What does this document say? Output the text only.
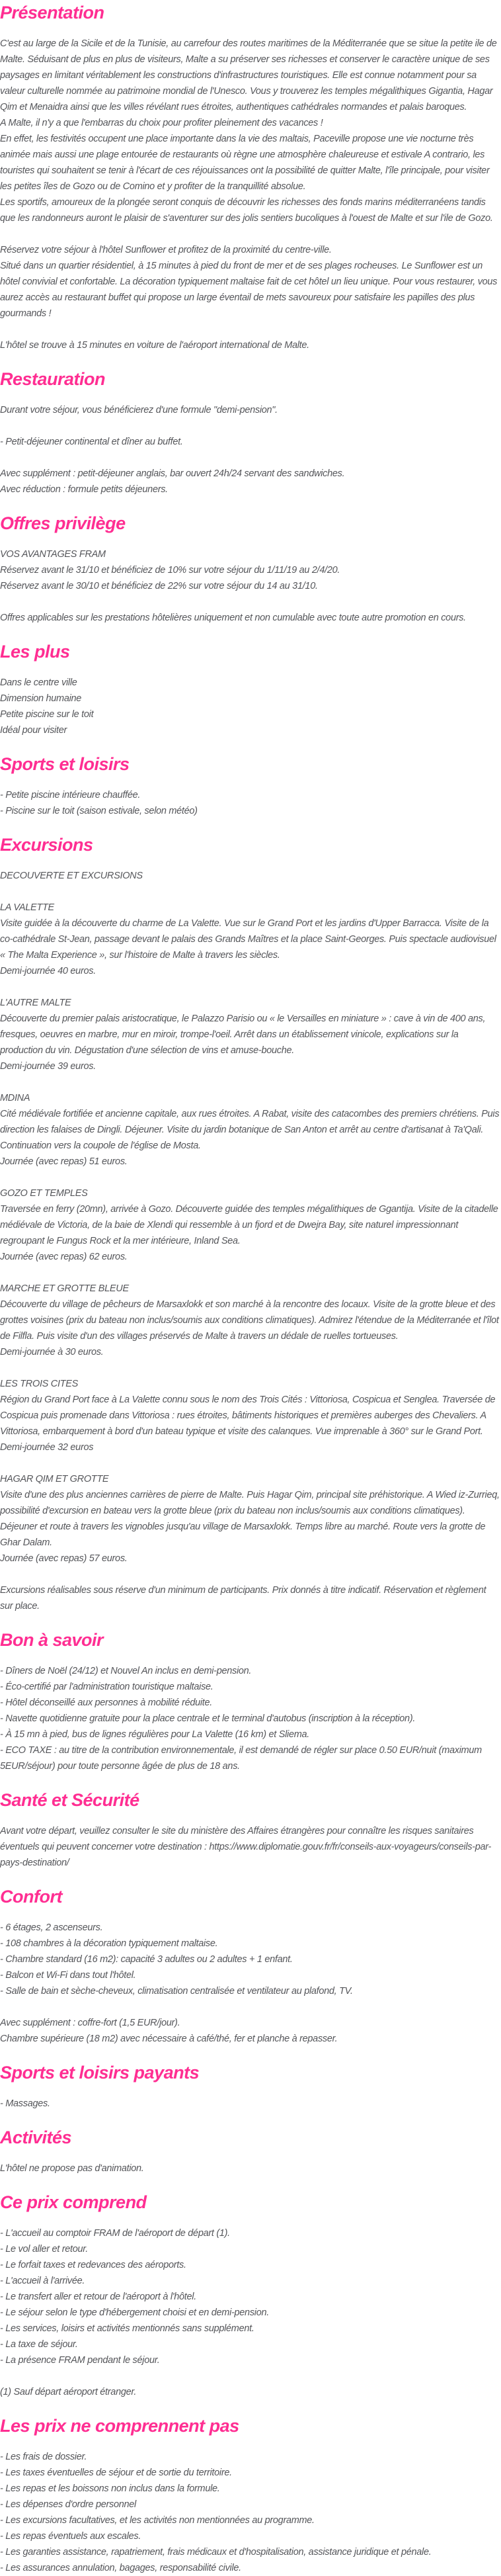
Présentation

C'est au large de la Sicile et de la Tunisie, au carrefour des routes maritimes de la Méditerranée que se situe la petite ile de Malte. Séduisant de plus en plus de visiteurs, Malte a su préserver ses richesses et conserver le caractère unique de ses paysages en limitant véritablement les constructions d'infrastructures touristiques. Elle est connue notamment pour sa valeur culturelle nommée au patrimoine mondial de l'Unesco. Vous y trouverez les temples mégalithiques Gigantia, Hagar Qim et Menaidra ainsi que les villes révélant rues étroites, authentiques cathédrales normandes et palais baroques.

A Malte, il n'y a que l'embarras du choix pour profiter pleinement des vacances !

En effet, les festivités occupent une place importante dans la vie des maltais, Paceville propose une vie nocturne très animée mais aussi une plage entourée de restaurants où règne une atmosphère chaleureuse et estivale A contrario, les touristes qui souhaitent se tenir à l'écart de ces réjouissances ont la possibilité de quitter Malte, l'île principale, pour visiter les petites îles de Gozo ou de Comino et y profiter de la tranquillité absolue.

Les sportifs, amoureux de la plongée seront conquis de découvrir les richesses des fonds marins méditerranéens tandis que les randonneurs auront le plaisir de s'aventurer sur des jolis sentiers bucoliques à l'ouest de Malte et sur l'ile de Gozo.

Réservez votre séjour à l'hôtel Sunflower et profitez de la proximité du centre-ville.

Situé dans un quartier résidentiel, à 15 minutes à pied du front de mer et de ses plages rocheuses. Le Sunflower est un hôtel convivial et confortable. La décoration typiquement maltaise fait de cet hôtel un lieu unique. Pour vous restaurer, vous aurez accès au restaurant buffet qui propose un large éventail de mets savoureux pour satisfaire les papilles des plus gourmands !

L'hôtel se trouve à 15 minutes en voiture de l'aéroport international de Malte.

Restauration

Durant votre séjour, vous bénéficierez d'une formule "demi-pension".

- Petit-déjeuner continental et dîner au buffet.

Avec supplément : petit-déjeuner anglais, bar ouvert 24h/24 servant des sandwiches.

Avec réduction : formule petits déjeuners.

Offres privilège

VOS AVANTAGES FRAM

Réservez avant le 31/10 et bénéficiez de 10% sur votre séjour du 1/11/19 au 2/4/20.

Réservez avant le 30/10 et bénéficiez de 22% sur votre séjour du 14 au 31/10.

Offres applicables sur les prestations hôtelières uniquement et non cumulable avec toute autre promotion en cours.

Les plus

Dans le centre ville

Dimension humaine

Petite piscine sur le toit

Idéal pour visiter

Sports et loisirs

- Petite piscine intérieure chauffée.

- Piscine sur le toit (saison estivale, selon météo)

Excursions

DECOUVERTE ET EXCURSIONS

LA VALETTE

Visite guidée à la découverte du charme de La Valette. Vue sur le Grand Port et les jardins d'Upper Barracca. Visite de la co-cathédrale St-Jean, passage devant le palais des Grands Maîtres et la place Saint-Georges. Puis spectacle audiovisuel « The Malta Experience », sur l'histoire de Malte à travers les siècles.

Demi-journée 40 euros.

L'AUTRE MALTE

Découverte du premier palais aristocratique, le Palazzo Parisio ou « le Versailles en miniature » : cave à vin de 400 ans, fresques, oeuvres en marbre, mur en miroir, trompe-l'oeil. Arrêt dans un établissement vinicole, explications sur la production du vin. Dégustation d'une sélection de vins et amuse-bouche.

Demi-journée 39 euros.

MDINA

Cité médiévale fortifiée et ancienne capitale, aux rues étroites. A Rabat, visite des catacombes des premiers chrétiens. Puis direction les falaises de Dingli. Déjeuner. Visite du jardin botanique de San Anton et arrêt au centre d'artisanat à Ta'Qali. Continuation vers la coupole de l'église de Mosta.

Journée (avec repas) 51 euros.

GOZO ET TEMPLES

Traversée en ferry (20mn), arrivée à Gozo. Découverte guidée des temples mégalithiques de Ggantija. Visite de la citadelle médiévale de Victoria, de la baie de Xlendi qui ressemble à un fjord et de Dwejra Bay, site naturel impressionnant regroupant le Fungus Rock et la mer intérieure, Inland Sea.

Journée (avec repas) 62 euros.

MARCHE ET GROTTE BLEUE

Découverte du village de pêcheurs de Marsaxlokk et son marché à la rencontre des locaux. Visite de la grotte bleue et des grottes voisines (prix du bateau non inclus/soumis aux conditions climatiques). Admirez l'étendue de la Méditerranée et l'îlot de Filfla. Puis visite d'un des villages préservés de Malte à travers un dédale de ruelles tortueuses.

Demi-journée à 30 euros.

LES TROIS CITES

Région du Grand Port face à La Valette connu sous le nom des Trois Cités : Vittoriosa, Cospicua et Senglea. Traversée de Cospicua puis promenade dans Vittoriosa : rues étroites, bâtiments historiques et premières auberges des Chevaliers. A Vittoriosa, embarquement à bord d'un bateau typique et visite des calanques. Vue imprenable à 360° sur le Grand Port.

Demi-journée 32 euros

HAGAR QIM ET GROTTE

Visite d'une des plus anciennes carrières de pierre de Malte. Puis Hagar Qim, principal site préhistorique. A Wied iz-Zurrieq, possibilité d'excursion en bateau vers la grotte bleue (prix du bateau non inclus/soumis aux conditions climatiques). Déjeuner et route à travers les vignobles jusqu'au village de Marsaxlokk. Temps libre au marché. Route vers la grotte de Ghar Dalam.

Journée (avec repas) 57 euros.

Excursions réalisables sous réserve d'un minimum de participants. Prix donnés à titre indicatif. Réservation et règlement sur place.

Bon à savoir

- Dîners de Noël (24/12) et Nouvel An inclus en demi-pension.

- Éco-certifié par l'administration touristique maltaise.

- Hôtel déconseillé aux personnes à mobilité réduite.

- Navette quotidienne gratuite pour la place centrale et le terminal d'autobus (inscription à la réception).

- À 15 mn à pied, bus de lignes régulières pour La Valette (16 km) et Sliema.

- ECO TAXE : au titre de la contribution environnementale, il est demandé de régler sur place 0.50 EUR/nuit (maximum 5EUR/séjour) pour toute personne âgée de plus de 18 ans.

Santé et Sécurité

Avant votre départ, veuillez consulter le site du ministère des Affaires étrangères pour connaître les risques sanitaires éventuels qui peuvent concerner votre destination : https://www.diplomatie.gouv.fr/fr/conseils-aux-voyageurs/conseils-par-pays-destination/

Confort

- 6 étages, 2 ascenseurs.

- 108 chambres à la décoration typiquement maltaise.

- Chambre standard (16 m2): capacité 3 adultes ou 2 adultes + 1 enfant.

- Balcon et Wi-Fi dans tout l'hôtel.

- Salle de bain et sèche-cheveux, climatisation centralisée et ventilateur au plafond, TV.

Avec supplément : coffre-fort (1,5 EUR/jour).

Chambre supérieure (18 m2) avec nécessaire à café/thé, fer et planche à repasser.

Sports et loisirs payants

- Massages.

Activités

L'hôtel ne propose pas d'animation.

Ce prix comprend

- L'accueil au comptoir FRAM de l'aéroport de départ (1).

- Le vol aller et retour.

- Le forfait taxes et redevances des aéroports.

- L'accueil à l'arrivée.

- Le transfert aller et retour de l'aéroport à l'hôtel.

- Le séjour selon le type d'hébergement choisi et en demi-pension.

- Les services, loisirs et activités mentionnés sans supplément.

- La taxe de séjour.

- La présence FRAM pendant le séjour.

(1) Sauf départ aéroport étranger.

Les prix ne comprennent pas

- Les frais de dossier.

- Les taxes éventuelles de séjour et de sortie du territoire.

- Les repas et les boissons non inclus dans la formule.

- Les dépenses d'ordre personnel

- Les excursions facultatives, et les activités non mentionnées au programme.

- Les repas éventuels aux escales.

- Les garanties assistance, rapatriement, frais médicaux et d'hospitalisation, assistance juridique et pénale.

- Les assurances annulation, bagages, responsabilité civile.
